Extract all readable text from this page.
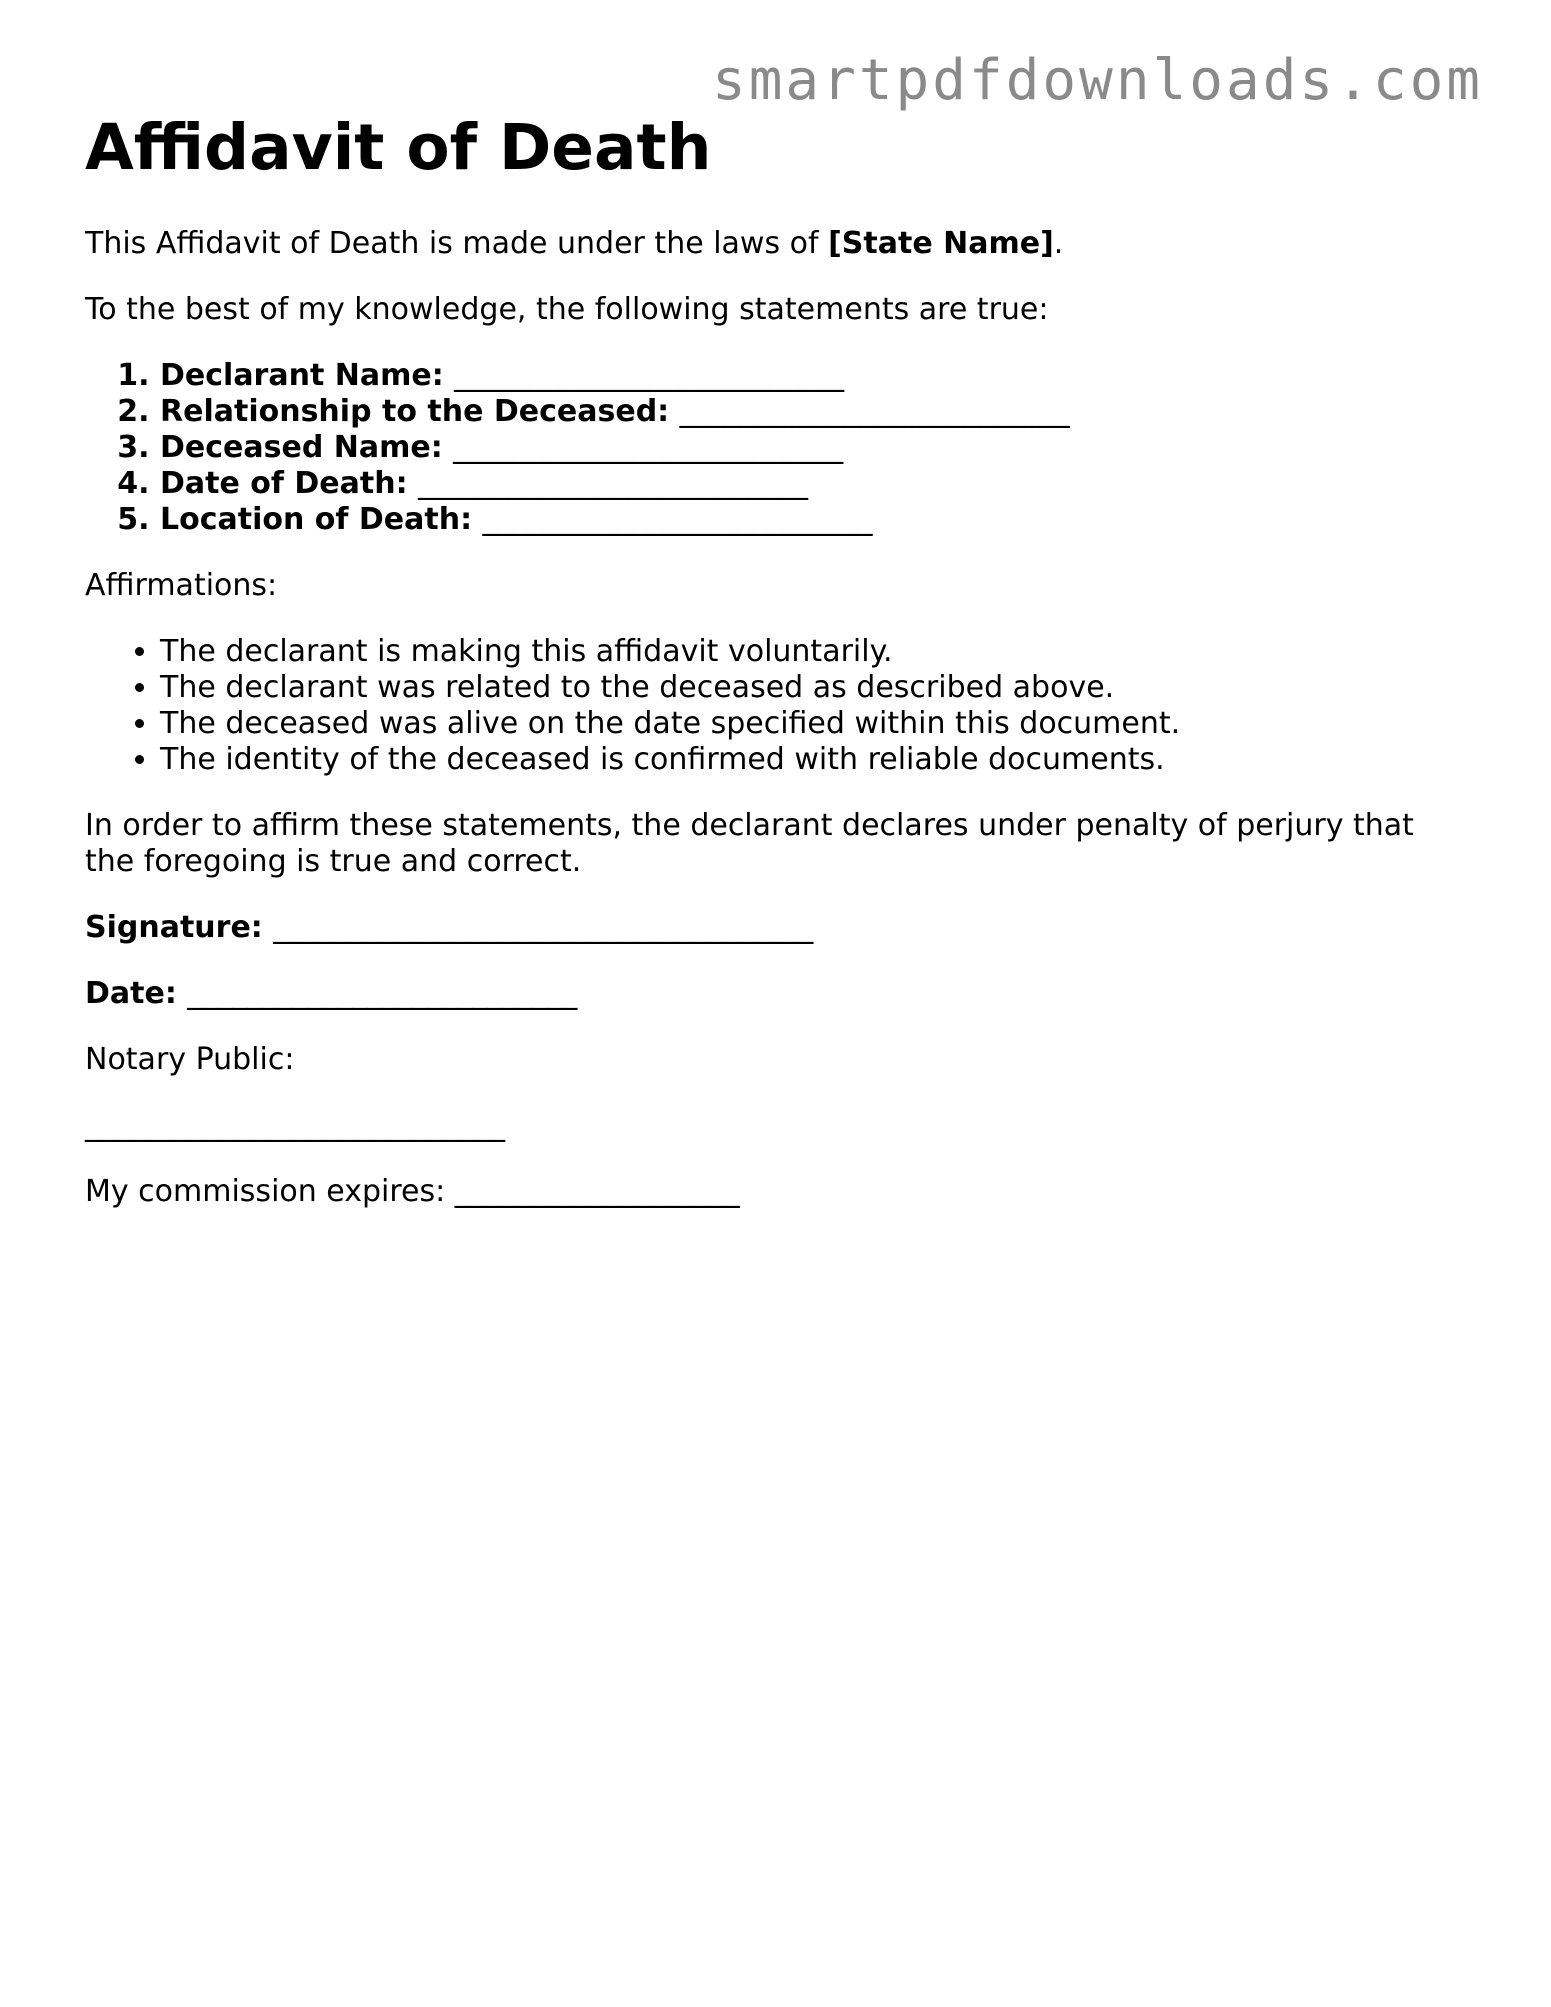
smartpdfdownloads.com
Affidavit of Death

This Affidavit of Death is made under the laws of [State Name].

To the best of my knowledge, the following statements are true:

1. Declarant Name: __________________________
2. Relationship to the Deceased: __________________________
3. Deceased Name: __________________________
4. Date of Death: __________________________
5. Location of Death: __________________________

Affirmations:

• The declarant is making this affidavit voluntarily.
• The declarant was related to the deceased as described above.
• The deceased was alive on the date specified within this document.
• The identity of the deceased is confirmed with reliable documents.

In order to affirm these statements, the declarant declares under penalty of perjury that the foregoing is true and correct.

Signature: ____________________________________

Date: __________________________

Notary Public:

____________________________

My commission expires: ___________________
